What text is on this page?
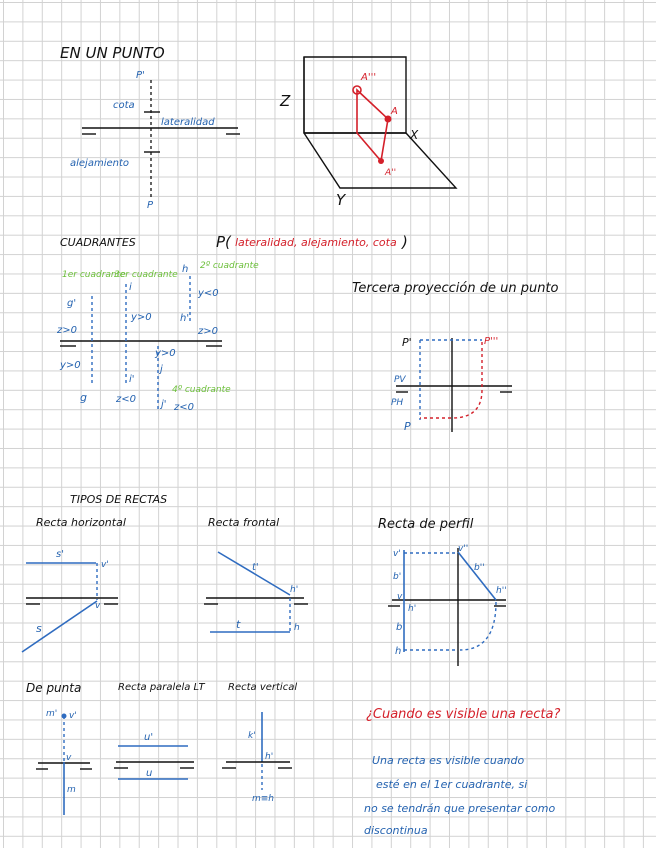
EN UN PUNTO
P'
P
cota
lateralidad
alejamiento
Z
X
Y
A'''
A
A''
CUADRANTES	P( lateralidad, alejamiento, cota )
1er cuadrante
3er cuadrante
2º cuadrante
4º cuadrante
g'
g
i
i'
h
h'
j
j'
z>0
y>0
y>0
y<0
z>0
z<0
y>0
z<0
Tercera proyección de un punto
P'	P'''
PV
PH
P
TIPOS DE RECTAS
Recta horizontal
s'
v'
v
s
Recta frontal
t'
h'
h
t
Recta de perfil
v'
b'
v
h'
b
h
v''
b''
h''
De punta
m' v'
v
m
Recta paralela LT
u'
u
Recta vertical
k'
h'
m≡h
¿Cuando es visible una recta?
Una recta es visible cuando
esté en el 1er cuadrante, si
no se tendrán que presentar como
discontinua
